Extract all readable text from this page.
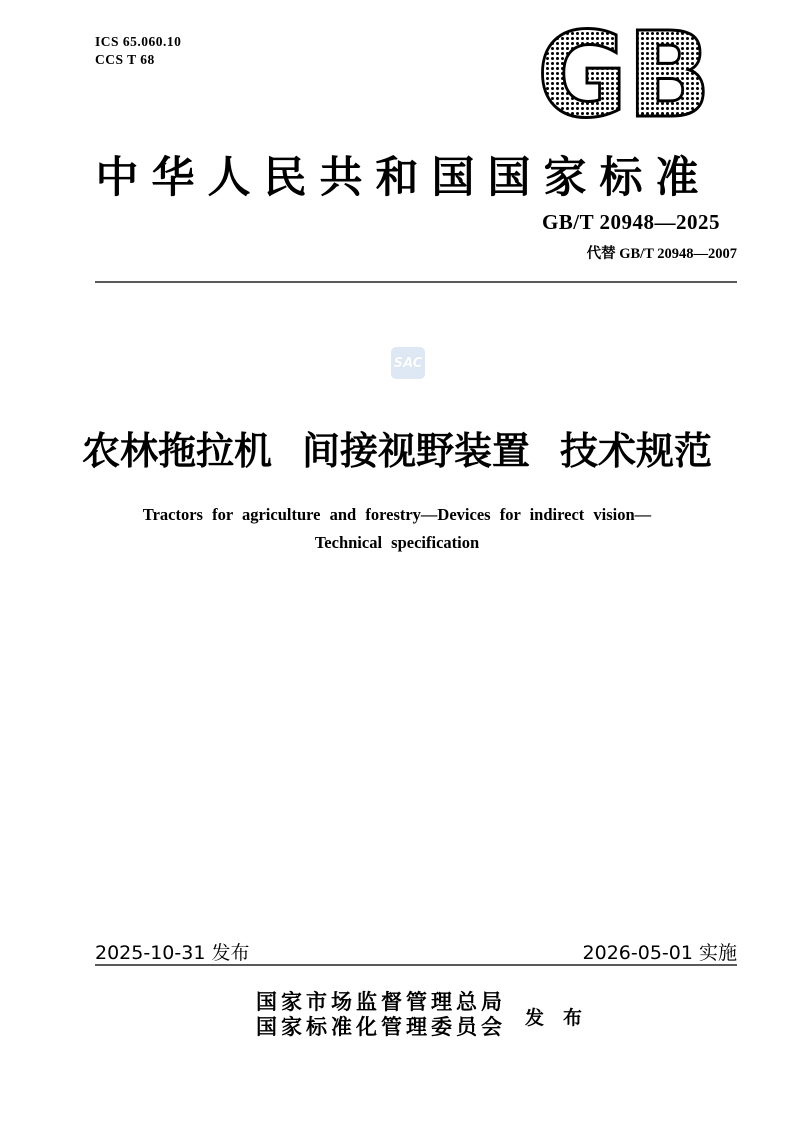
ICS 65.060.10
CCS T 68	GB
中华人民共和国国家标准
GB/T 20948—2025
代替 GB/T 20948—2007
SAC
农林拖拉机 间接视野装置 技术规范
Tractors for agriculture and forestry—Devices for indirect vision—
Technical specification
2025-10-31 发布	2026-05-01 实施
国家市场监督管理总局
国家标准化管理委员会 发　布
